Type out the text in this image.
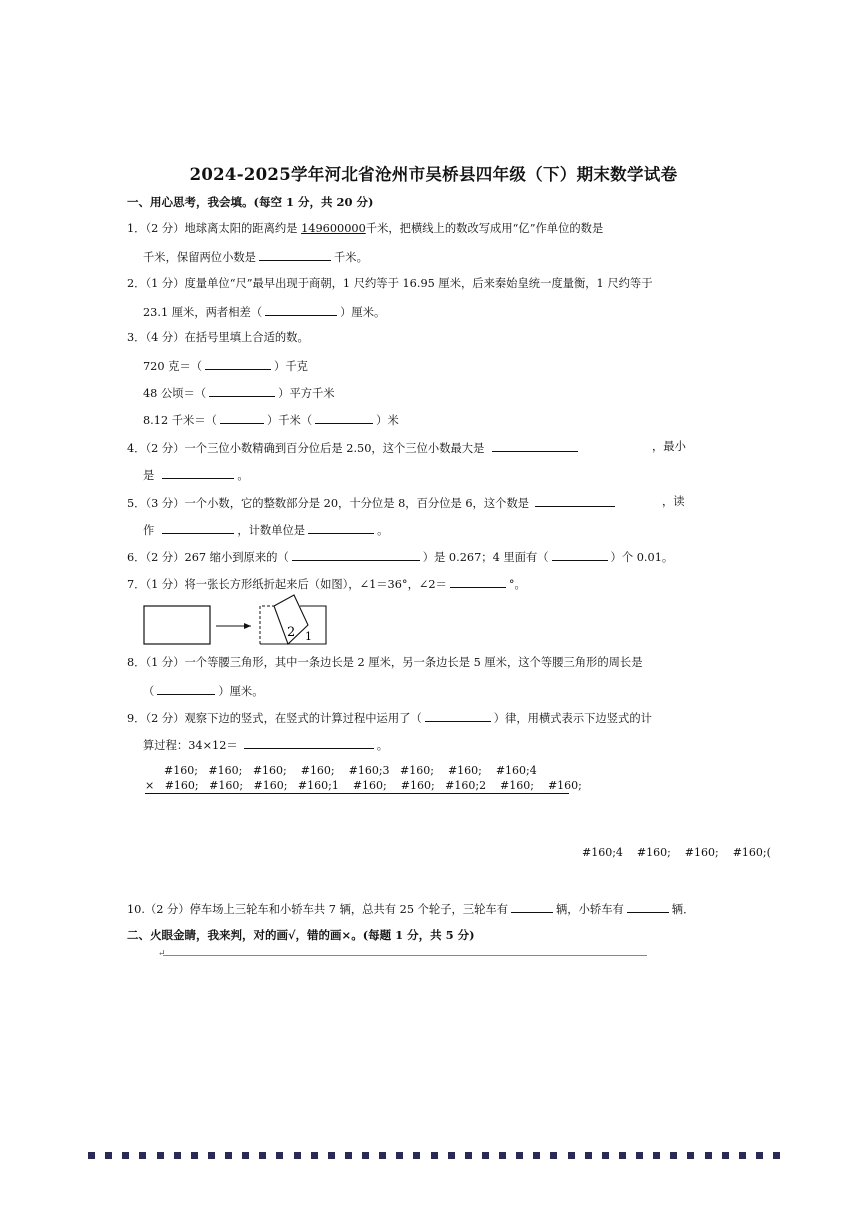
2024-2025学年河北省沧州市吴桥县四年级（下）期末数学试卷
一、用心思考，我会填。(每空 1 分，共 20 分)
1．（2 分）地球离太阳的距离约是 149600000千米，把横线上的数改写成用“亿”作单位的数是
千米，保留两位小数是	千米。
2．（1 分）度量单位“尺”最早出现于商朝，1 尺约等于 16.95 厘米，后来秦始皇统一度量衡，1 尺约等于
23.1 厘米，两者相差（	）厘米。
3．（4 分）在括号里填上合适的数。
720 克＝（	）千克
48 公顷＝（	）平方千米
8.12 千米＝（	）千米（	）米
4．（2 分）一个三位小数精确到百分位后是 2.50，这个三位小数最大是	，最小
是	。
5．（3 分）一个小数，它的整数部分是 20，十分位是 8，百分位是 6，这个数是	，读
作	，计数单位是	。
6．（2 分）267 缩小到原来的（	）是 0.267；4 里面有（	）个 0.01。
7．（1 分）将一张长方形纸折起来后（如图），∠1＝36°，∠2＝	°。
2 1
8．（1 分）一个等腰三角形，其中一条边长是 2 厘米，另一条边长是 5 厘米，这个等腰三角形的周长是
（	）厘米。
9．（2 分）观察下边的竖式，在竖式的计算过程中运用了（	）律，用横式表示下边竖式的计
算过程：34×12＝	。
#160;   #160;   #160;    #160;    #160;3   #160;    #160;    #160;4
×   #160;   #160;   #160;   #160;1    #160;    #160;   #160;2    #160;    #160;
#160;4    #160;    #160;    #160;(
10.（2 分）停车场上三轮车和小轿车共 7 辆，总共有 25 个轮子，三轮车有	辆，小轿车有	辆．
二、火眼金睛，我来判，对的画√，错的画×。(每题 1 分，共 5 分)
↵
